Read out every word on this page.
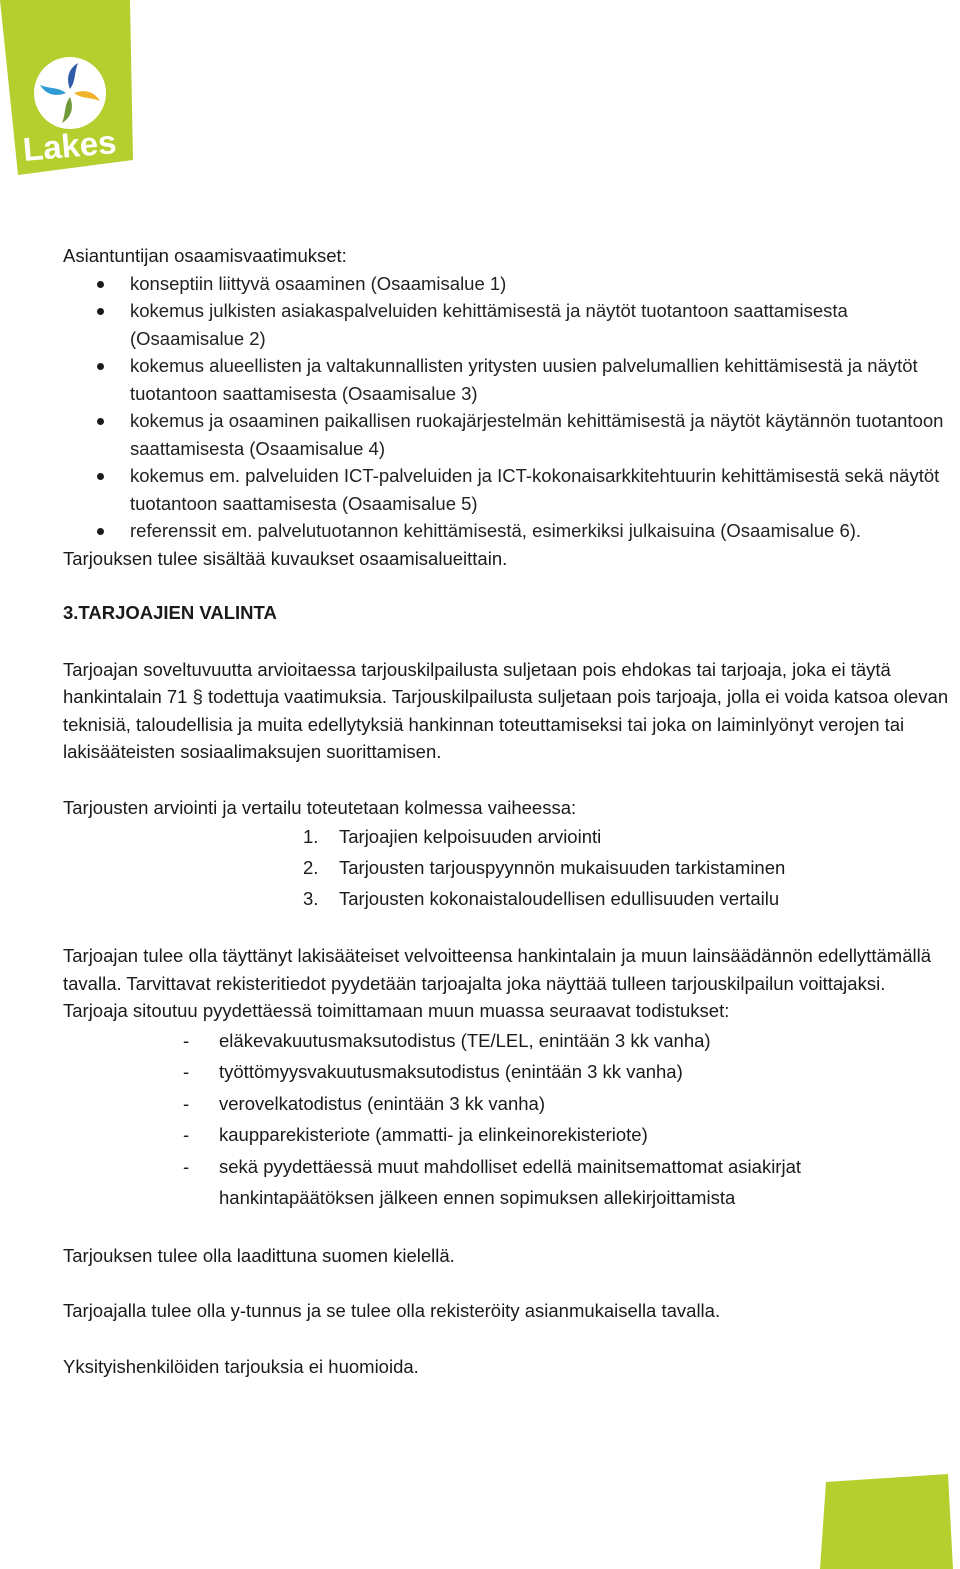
Lakes

Asiantuntijan osaamisvaatimukset:

konseptiin liittyvä osaaminen (Osaamisalue 1)
kokemus julkisten asiakaspalveluiden kehittämisestä ja näytöt tuotantoon saattamisesta (Osaamisalue 2)
kokemus alueellisten ja valtakunnallisten yritysten uusien palvelumallien kehittämisestä ja näytöt tuotantoon saattamisesta (Osaamisalue 3)
kokemus ja osaaminen paikallisen ruokajärjestelmän kehittämisestä ja näytöt käytännön tuotantoon saattamisesta (Osaamisalue 4)
kokemus em. palveluiden ICT-palveluiden ja ICT-kokonaisarkkitehtuurin kehittämisestä sekä näytöt tuotantoon saattamisesta (Osaamisalue 5)
referenssit em. palvelutuotannon kehittämisestä, esimerkiksi julkaisuina (Osaamisalue 6).

Tarjouksen tulee sisältää kuvaukset osaamisalueittain.

3.TARJOAJIEN VALINTA

Tarjoajan soveltuvuutta arvioitaessa tarjouskilpailusta suljetaan pois ehdokas tai tarjoaja, joka ei täytä hankintalain 71 § todettuja vaatimuksia. Tarjouskilpailusta suljetaan pois tarjoaja, jolla ei voida katsoa olevan teknisiä, taloudellisia ja muita edellytyksiä hankinnan toteuttamiseksi tai joka on laiminlyönyt verojen tai lakisääteisten sosiaalimaksujen suorittamisen.

Tarjousten arviointi ja vertailu toteutetaan kolmessa vaiheessa:

1.	Tarjoajien kelpoisuuden arviointi
2.	Tarjousten tarjouspyynnön mukaisuuden tarkistaminen
3.	Tarjousten kokonaistaloudellisen edullisuuden vertailu

Tarjoajan tulee olla täyttänyt lakisääteiset velvoitteensa hankintalain ja muun lainsäädännön edellyttämällä tavalla. Tarvittavat rekisteritiedot pyydetään tarjoajalta joka näyttää tulleen tarjouskilpailun voittajaksi. Tarjoaja sitoutuu pyydettäessä toimittamaan muun muassa seuraavat todistukset:

-	eläkevakuutusmaksutodistus (TE/LEL, enintään 3 kk vanha)
-	työttömyysvakuutusmaksutodistus (enintään 3 kk vanha)
-	verovelkatodistus (enintään 3 kk vanha)
-	kaupparekisteriote (ammatti- ja elinkeinorekisteriote)
-	sekä pyydettäessä muut mahdolliset edellä mainitsemattomat asiakirjat hankintapäätöksen jälkeen ennen sopimuksen allekirjoittamista

Tarjouksen tulee olla laadittuna suomen kielellä.

Tarjoajalla tulee olla y-tunnus ja se tulee olla rekisteröity asianmukaisella tavalla.

Yksityishenkilöiden tarjouksia ei huomioida.
